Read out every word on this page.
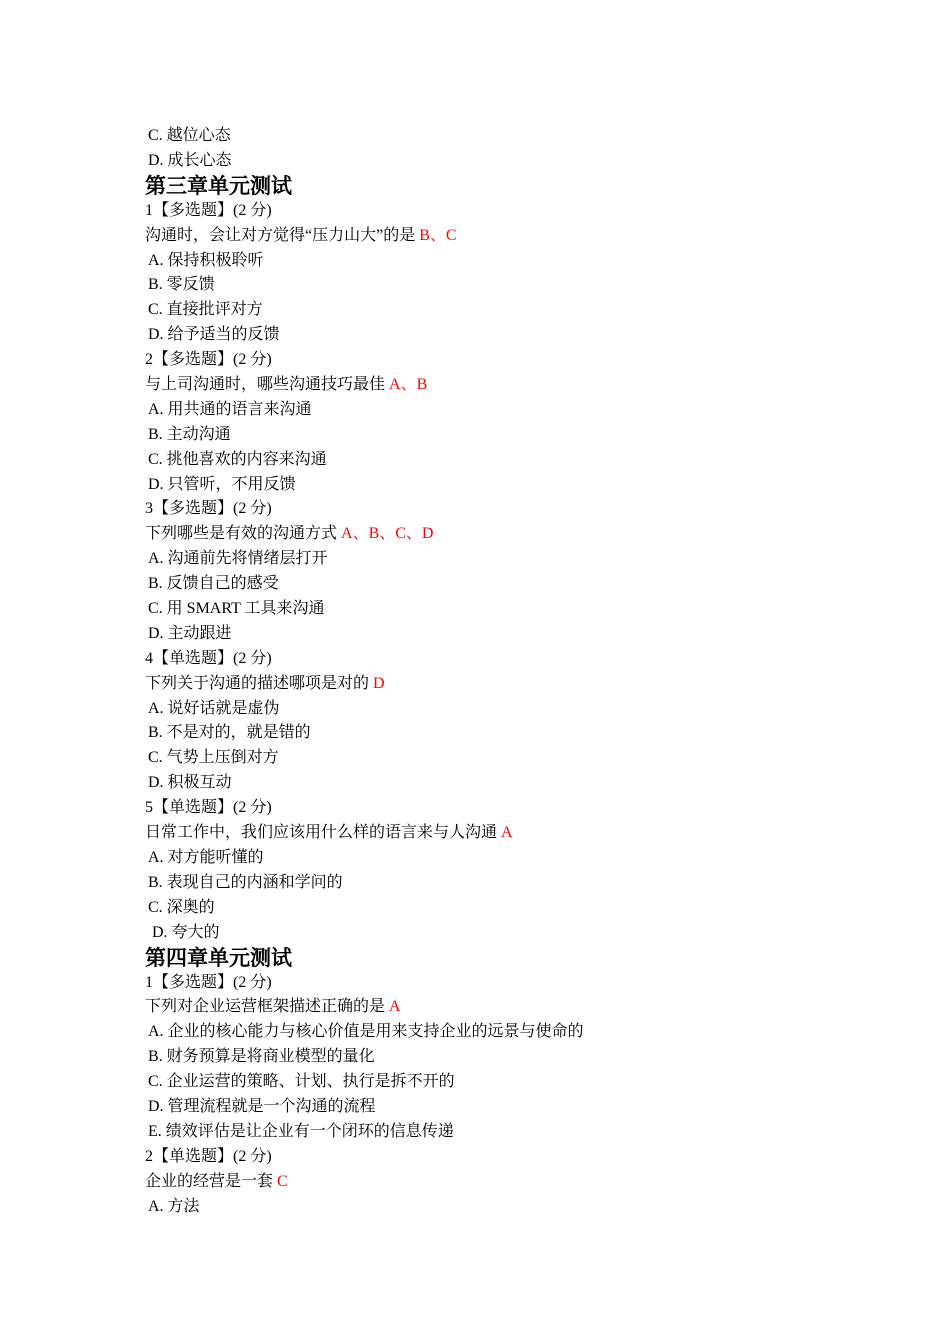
C. 越位心态
D. 成长心态
第三章单元测试
1【多选题】(2 分)
沟通时，会让对方觉得“压力山大”的是 B、C
A. 保持积极聆听
B. 零反馈
C. 直接批评对方
D. 给予适当的反馈
2【多选题】(2 分)
与上司沟通时，哪些沟通技巧最佳 A、B
A. 用共通的语言来沟通
B. 主动沟通
C. 挑他喜欢的内容来沟通
D. 只管听，不用反馈
3【多选题】(2 分)
下列哪些是有效的沟通方式 A、B、C、D
A. 沟通前先将情绪层打开
B. 反馈自己的感受
C. 用 SMART 工具来沟通
D. 主动跟进
4【单选题】(2 分)
下列关于沟通的描述哪项是对的 D
A. 说好话就是虚伪
B. 不是对的，就是错的
C. 气势上压倒对方
D. 积极互动
5【单选题】(2 分)
日常工作中，我们应该用什么样的语言来与人沟通 A
A. 对方能听懂的
B. 表现自己的内涵和学问的
C. 深奥的
D. 夸大的
第四章单元测试
1【多选题】(2 分)
下列对企业运营框架描述正确的是 A
A. 企业的核心能力与核心价值是用来支持企业的远景与使命的
B. 财务预算是将商业模型的量化
C. 企业运营的策略、计划、执行是拆不开的
D. 管理流程就是一个沟通的流程
E. 绩效评估是让企业有一个闭环的信息传递
2【单选题】(2 分)
企业的经营是一套 C
A. 方法
